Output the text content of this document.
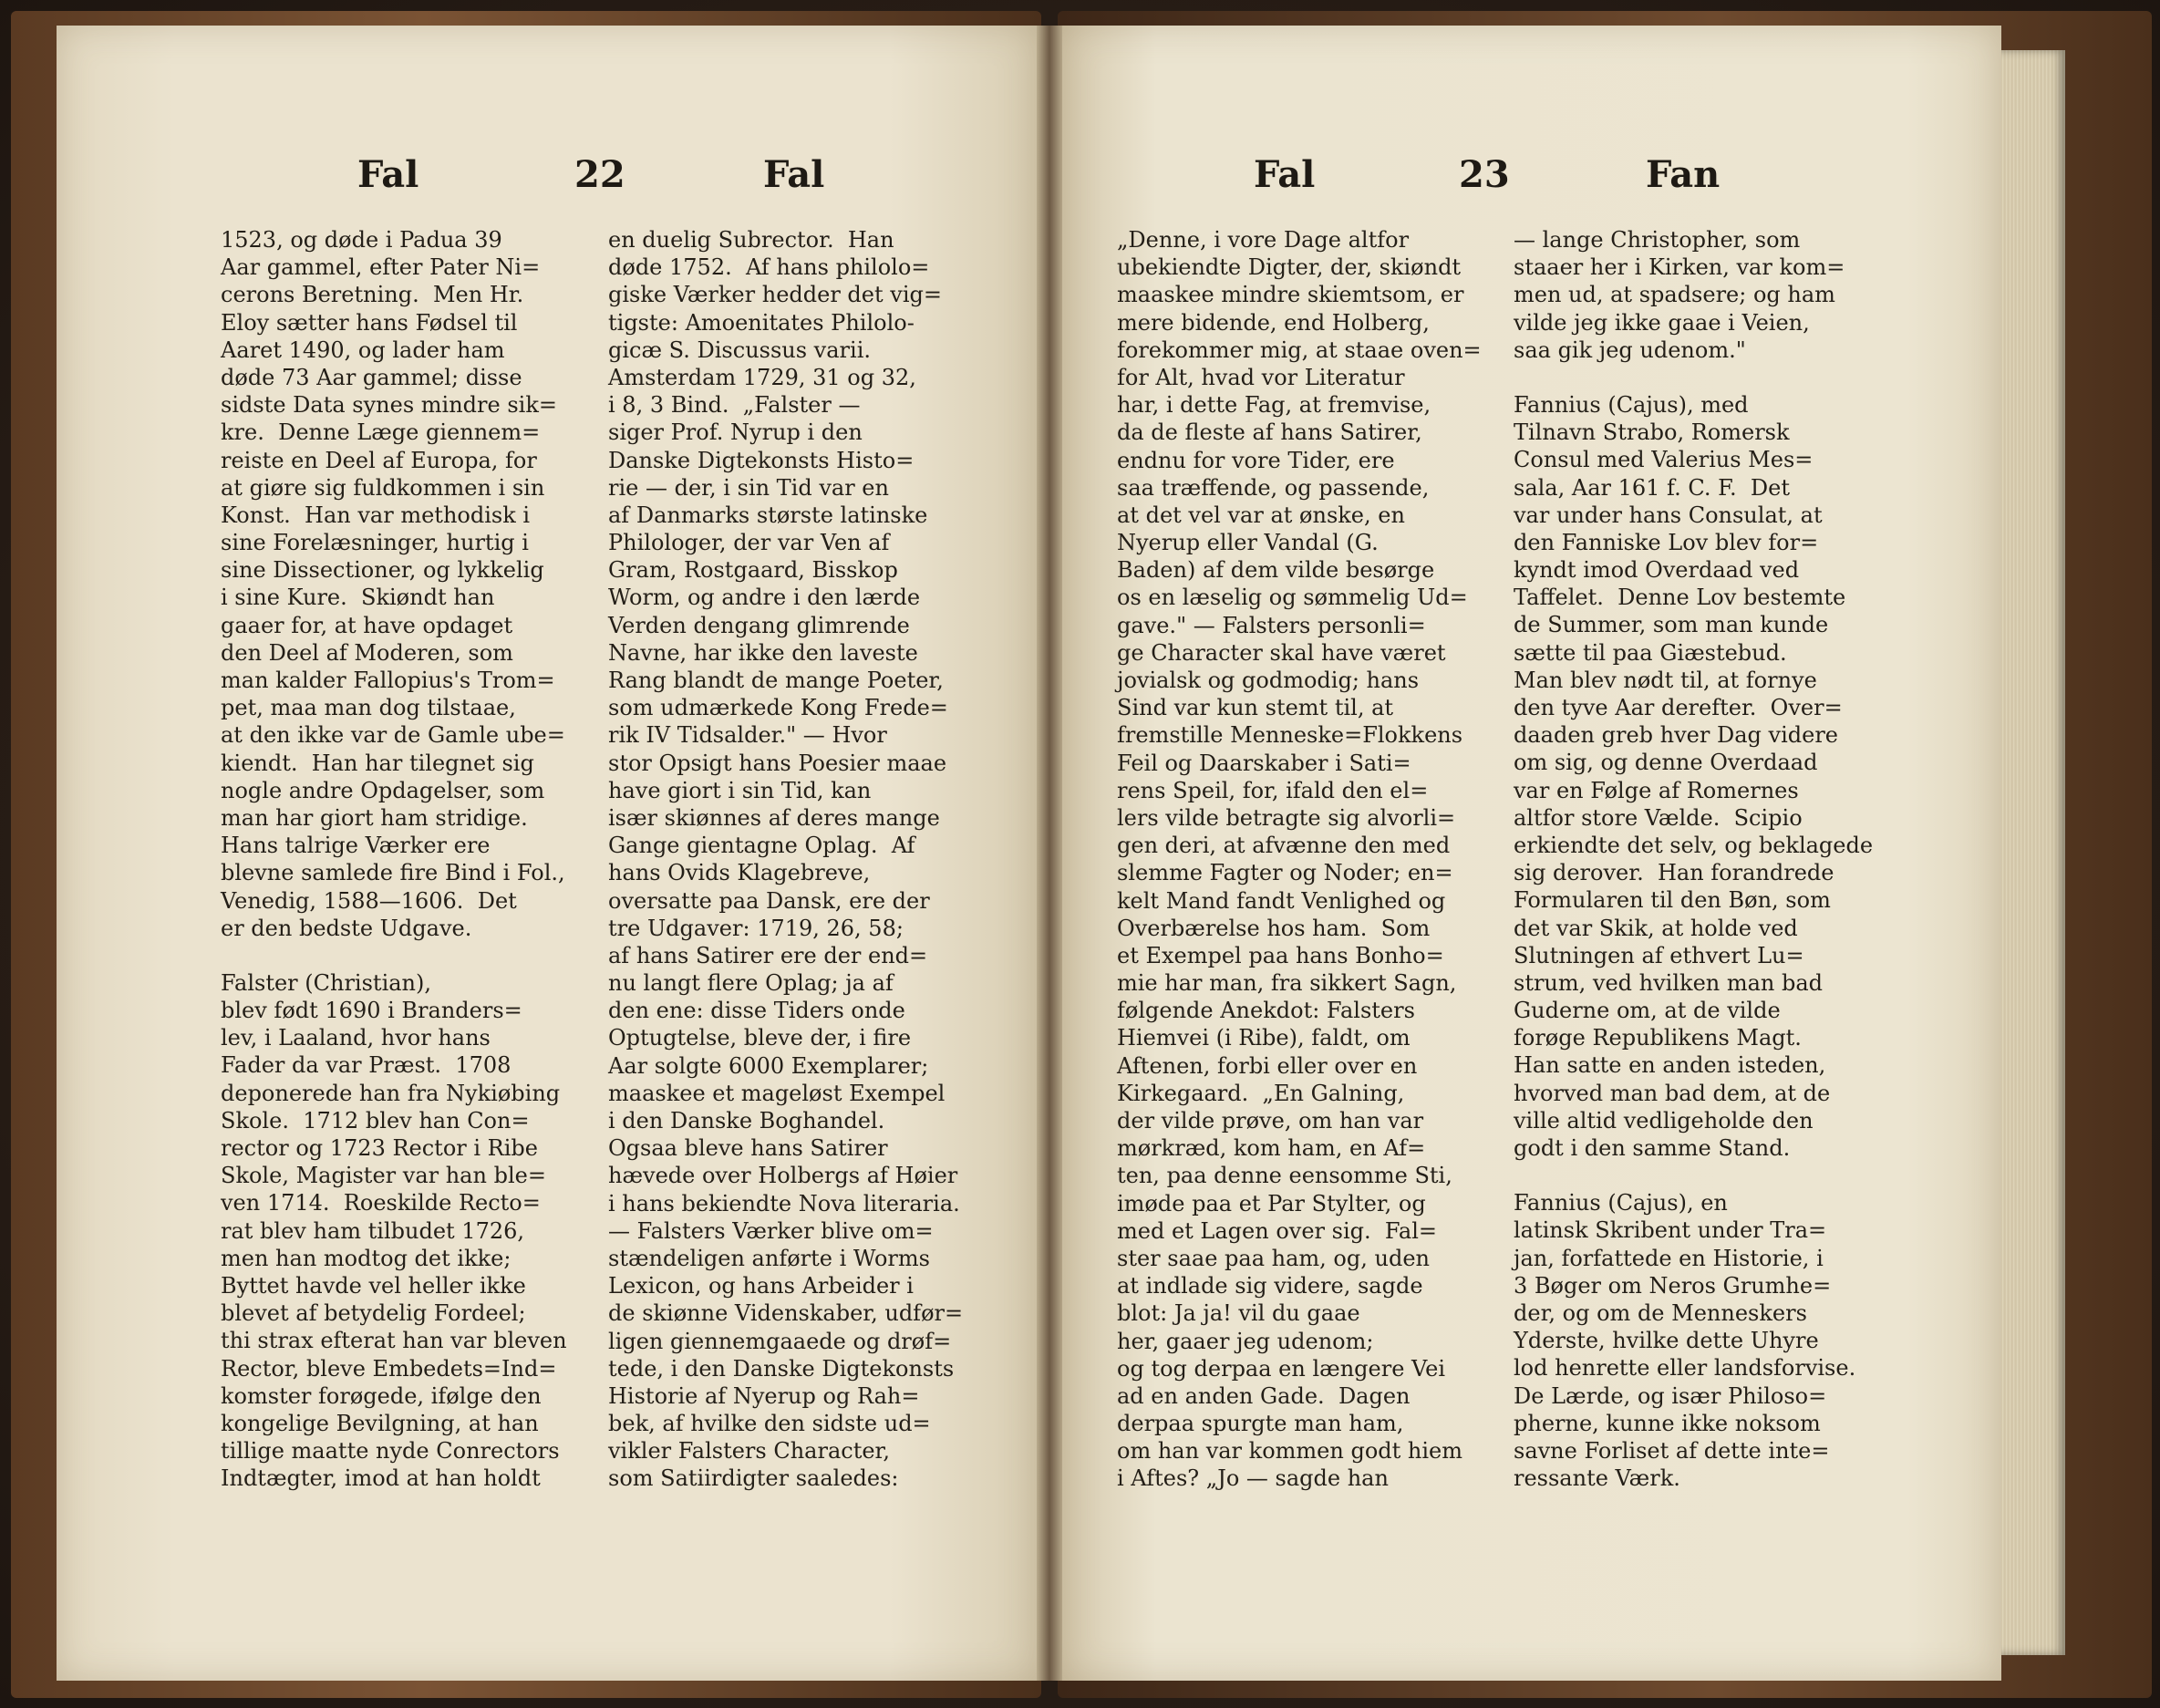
Fal	22	Fal
1523, og døde i Padua 39
Aar gammel, efter Pater Ni=
cerons Beretning.  Men Hr.
Eloy sætter hans Fødsel til
Aaret 1490, og lader ham
døde 73 Aar gammel; disse
sidste Data synes mindre sik=
kre.  Denne Læge giennem=
reiste en Deel af Europa, for
at giøre sig fuldkommen i sin
Konst.  Han var methodisk i
sine Forelæsninger, hurtig i
sine Dissectioner, og lykkelig
i sine Kure.  Skiøndt han
gaaer for, at have opdaget
den Deel af Moderen, som
man kalder Fallopius's Trom=
pet, maa man dog tilstaae,
at den ikke var de Gamle ube=
kiendt.  Han har tilegnet sig
nogle andre Opdagelser, som
man har giort ham stridige.
Hans talrige Værker ere
blevne samlede fire Bind i Fol.,
Venedig, 1588—1606.  Det
er den bedste Udgave.
Falster (Christian),
blev født 1690 i Branders=
lev, i Laaland, hvor hans
Fader da var Præst.  1708
deponerede han fra Nykiøbing
Skole.  1712 blev han Con=
rector og 1723 Rector i Ribe
Skole, Magister var han ble=
ven 1714.  Roeskilde Recto=
rat blev ham tilbudet 1726,
men han modtog det ikke;
Byttet havde vel heller ikke
blevet af betydelig Fordeel;
thi strax efterat han var bleven
Rector, bleve Embedets=Ind=
komster forøgede, ifølge den
kongelige Bevilgning, at han
tillige maatte nyde Conrectors
Indtægter, imod at han holdt
en duelig Subrector.  Han
døde 1752.  Af hans philolo=
giske Værker hedder det vig=
tigste: Amoenitates Philolo-
gicæ S. Discussus varii.
Amsterdam 1729, 31 og 32,
i 8, 3 Bind.  „Falster —
siger Prof. Nyrup i den
Danske Digtekonsts Histo=
rie — der, i sin Tid var en
af Danmarks største latinske
Philologer, der var Ven af
Gram, Rostgaard, Bisskop
Worm, og andre i den lærde
Verden dengang glimrende
Navne, har ikke den laveste
Rang blandt de mange Poeter,
som udmærkede Kong Frede=
rik IV Tidsalder." — Hvor
stor Opsigt hans Poesier maae
have giort i sin Tid, kan
især skiønnes af deres mange
Gange gientagne Oplag.  Af
hans Ovids Klagebreve,
oversatte paa Dansk, ere der
tre Udgaver: 1719, 26, 58;
af hans Satirer ere der end=
nu langt flere Oplag; ja af
den ene: disse Tiders onde
Optugtelse, bleve der, i fire
Aar solgte 6000 Exemplarer;
maaskee et mageløst Exempel
i den Danske Boghandel.
Ogsaa bleve hans Satirer
hævede over Holbergs af Høier
i hans bekiendte Nova literaria.
— Falsters Værker blive om=
stændeligen anførte i Worms
Lexicon, og hans Arbeider i
de skiønne Videnskaber, udfør=
ligen giennemgaaede og drøf=
tede, i den Danske Digtekonsts
Historie af Nyerup og Rah=
bek, af hvilke den sidste ud=
vikler Falsters Character,
som Satiirdigter saaledes:
Fal	23	Fan
„Denne, i vore Dage altfor
ubekiendte Digter, der, skiøndt
maaskee mindre skiemtsom, er
mere bidende, end Holberg,
forekommer mig, at staae oven=
for Alt, hvad vor Literatur
har, i dette Fag, at fremvise,
da de fleste af hans Satirer,
endnu for vore Tider, ere
saa træffende, og passende,
at det vel var at ønske, en
Nyerup eller Vandal (G.
Baden) af dem vilde besørge
os en læselig og sømmelig Ud=
gave." — Falsters personli=
ge Character skal have været
jovialsk og godmodig; hans
Sind var kun stemt til, at
fremstille Menneske=Flokkens
Feil og Daarskaber i Sati=
rens Speil, for, ifald den el=
lers vilde betragte sig alvorli=
gen deri, at afvænne den med
slemme Fagter og Noder; en=
kelt Mand fandt Venlighed og
Overbærelse hos ham.  Som
et Exempel paa hans Bonho=
mie har man, fra sikkert Sagn,
følgende Anekdot: Falsters
Hiemvei (i Ribe), faldt, om
Aftenen, forbi eller over en
Kirkegaard.  „En Galning,
der vilde prøve, om han var
mørkræd, kom ham, en Af=
ten, paa denne eensomme Sti,
imøde paa et Par Stylter, og
med et Lagen over sig.  Fal=
ster saae paa ham, og, uden
at indlade sig videre, sagde
blot: Ja ja! vil du gaae
her, gaaer jeg udenom;
og tog derpaa en længere Vei
ad en anden Gade.  Dagen
derpaa spurgte man ham,
om han var kommen godt hiem
i Aftes? „Jo — sagde han
— lange Christopher, som
staaer her i Kirken, var kom=
men ud, at spadsere; og ham
vilde jeg ikke gaae i Veien,
saa gik jeg udenom."
Fannius (Cajus), med
Tilnavn Strabo, Romersk
Consul med Valerius Mes=
sala, Aar 161 f. C. F.  Det
var under hans Consulat, at
den Fanniske Lov blev for=
kyndt imod Overdaad ved
Taffelet.  Denne Lov bestemte
de Summer, som man kunde
sætte til paa Giæstebud.
Man blev nødt til, at fornye
den tyve Aar derefter.  Over=
daaden greb hver Dag videre
om sig, og denne Overdaad
var en Følge af Romernes
altfor store Vælde.  Scipio
erkiendte det selv, og beklagede
sig derover.  Han forandrede
Formularen til den Bøn, som
det var Skik, at holde ved
Slutningen af ethvert Lu=
strum, ved hvilken man bad
Guderne om, at de vilde
forøge Republikens Magt.
Han satte en anden isteden,
hvorved man bad dem, at de
ville altid vedligeholde den
godt i den samme Stand.
Fannius (Cajus), en
latinsk Skribent under Tra=
jan, forfattede en Historie, i
3 Bøger om Neros Grumhe=
der, og om de Menneskers
Yderste, hvilke dette Uhyre
lod henrette eller landsforvise.
De Lærde, og især Philoso=
pherne, kunne ikke noksom
savne Forliset af dette inte=
ressante Værk.
